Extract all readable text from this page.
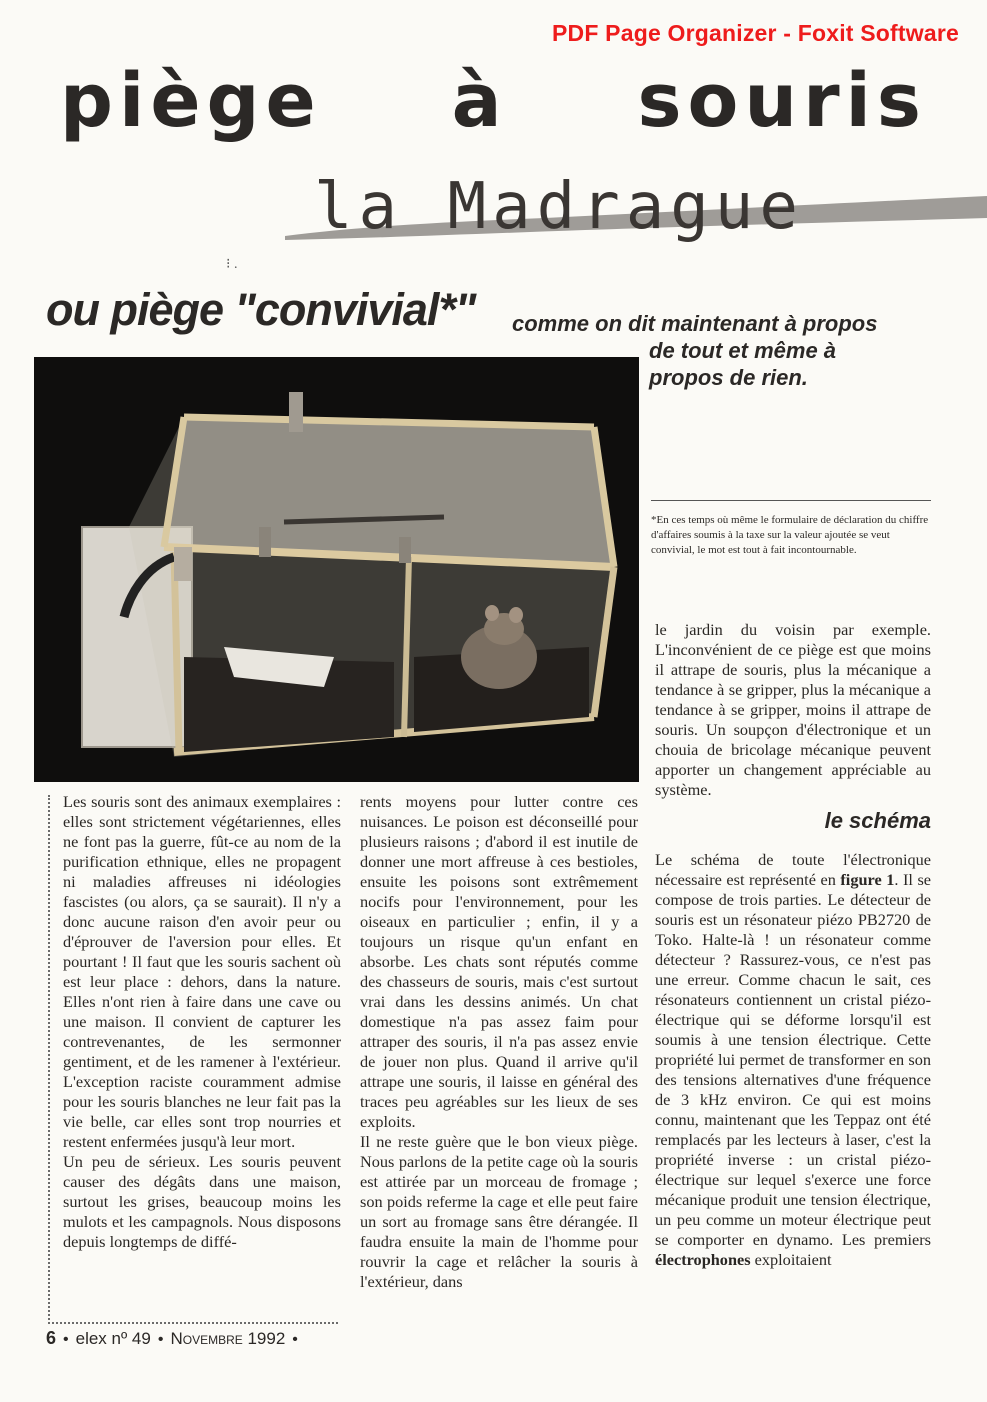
PDF Page Organizer - Foxit Software
piège à souris
la Madrague
⁝ .
ou piège "convivial*" comme on dit maintenant à propos
de tout et même à
propos de rien.
*En ces temps où même le formulaire de déclaration du chiffre d'affaires soumis à la taxe sur la valeur ajoutée se veut convivial, le mot est tout à fait incontournable.

le jardin du voisin par exemple. L'inconvénient de ce piège est que moins il attrape de souris, plus la mécanique a tendance à se gripper, plus la mécanique a tendance à se gripper, moins il attrape de souris. Un soupçon d'électronique et un chouia de bricolage mécanique peuvent apporter un changement appréciable au système.

le schéma

Les souris sont des animaux exemplaires : elles sont strictement végétariennes, elles ne font pas la guerre, fût-ce au nom de la purification ethnique, elles ne propagent ni maladies affreuses ni idéologies fascistes (ou alors, ça se saurait). Il n'y a donc aucune raison d'en avoir peur ou d'éprouver de l'aversion pour elles. Et pourtant ! Il faut que les souris sachent où est leur place : dehors, dans la nature. Elles n'ont rien à faire dans une cave ou une maison. Il convient de capturer les contrevenantes, de les sermonner gentiment, et de les ramener à l'extérieur. L'exception raciste couramment admise pour les souris blanches ne leur fait pas la vie belle, car elles sont trop nourries et restent enfermées jusqu'à leur mort.

Un peu de sérieux. Les souris peuvent causer des dégâts dans une maison, surtout les grises, beaucoup moins les mulots et les campagnols. Nous disposons depuis longtemps de diffé-

rents moyens pour lutter contre ces nuisances. Le poison est déconseillé pour plusieurs raisons ; d'abord il est inutile de donner une mort affreuse à ces bestioles, ensuite les poisons sont extrêmement nocifs pour l'environnement, pour les oiseaux en particulier ; enfin, il y a toujours un risque qu'un enfant en absorbe. Les chats sont réputés comme des chasseurs de souris, mais c'est surtout vrai dans les dessins animés. Un chat domestique n'a pas assez faim pour attraper des souris, il n'a pas assez envie de jouer non plus. Quand il arrive qu'il attrape une souris, il laisse en général des traces peu agréables sur les lieux de ses exploits.

Il ne reste guère que le bon vieux piège. Nous parlons de la petite cage où la souris est attirée par un morceau de fromage ; son poids referme la cage et elle peut faire un sort au fromage sans être dérangée. Il faudra ensuite la main de l'homme pour rouvrir la cage et relâcher la souris à l'extérieur, dans

Le schéma de toute l'électronique nécessaire est représenté en figure 1. Il se compose de trois parties. Le détecteur de souris est un résonateur piézo PB2720 de Toko. Halte-là ! un résonateur comme détecteur ? Rassurez-vous, ce n'est pas une erreur. Comme chacun le sait, ces résonateurs contiennent un cristal piézo-électrique qui se déforme lorsqu'il est soumis à une tension électrique. Cette propriété lui permet de transformer en son des tensions alternatives d'une fréquence de 3 kHz environ. Ce qui est moins connu, maintenant que les Teppaz ont été remplacés par les lecteurs à laser, c'est la propriété inverse : un cristal piézo-électrique sur lequel s'exerce une force mécanique produit une tension électrique, un peu comme un moteur électrique peut se comporter en dynamo. Les premiers électrophones exploitaient

6 • elex nº 49 • Novembre 1992
•
